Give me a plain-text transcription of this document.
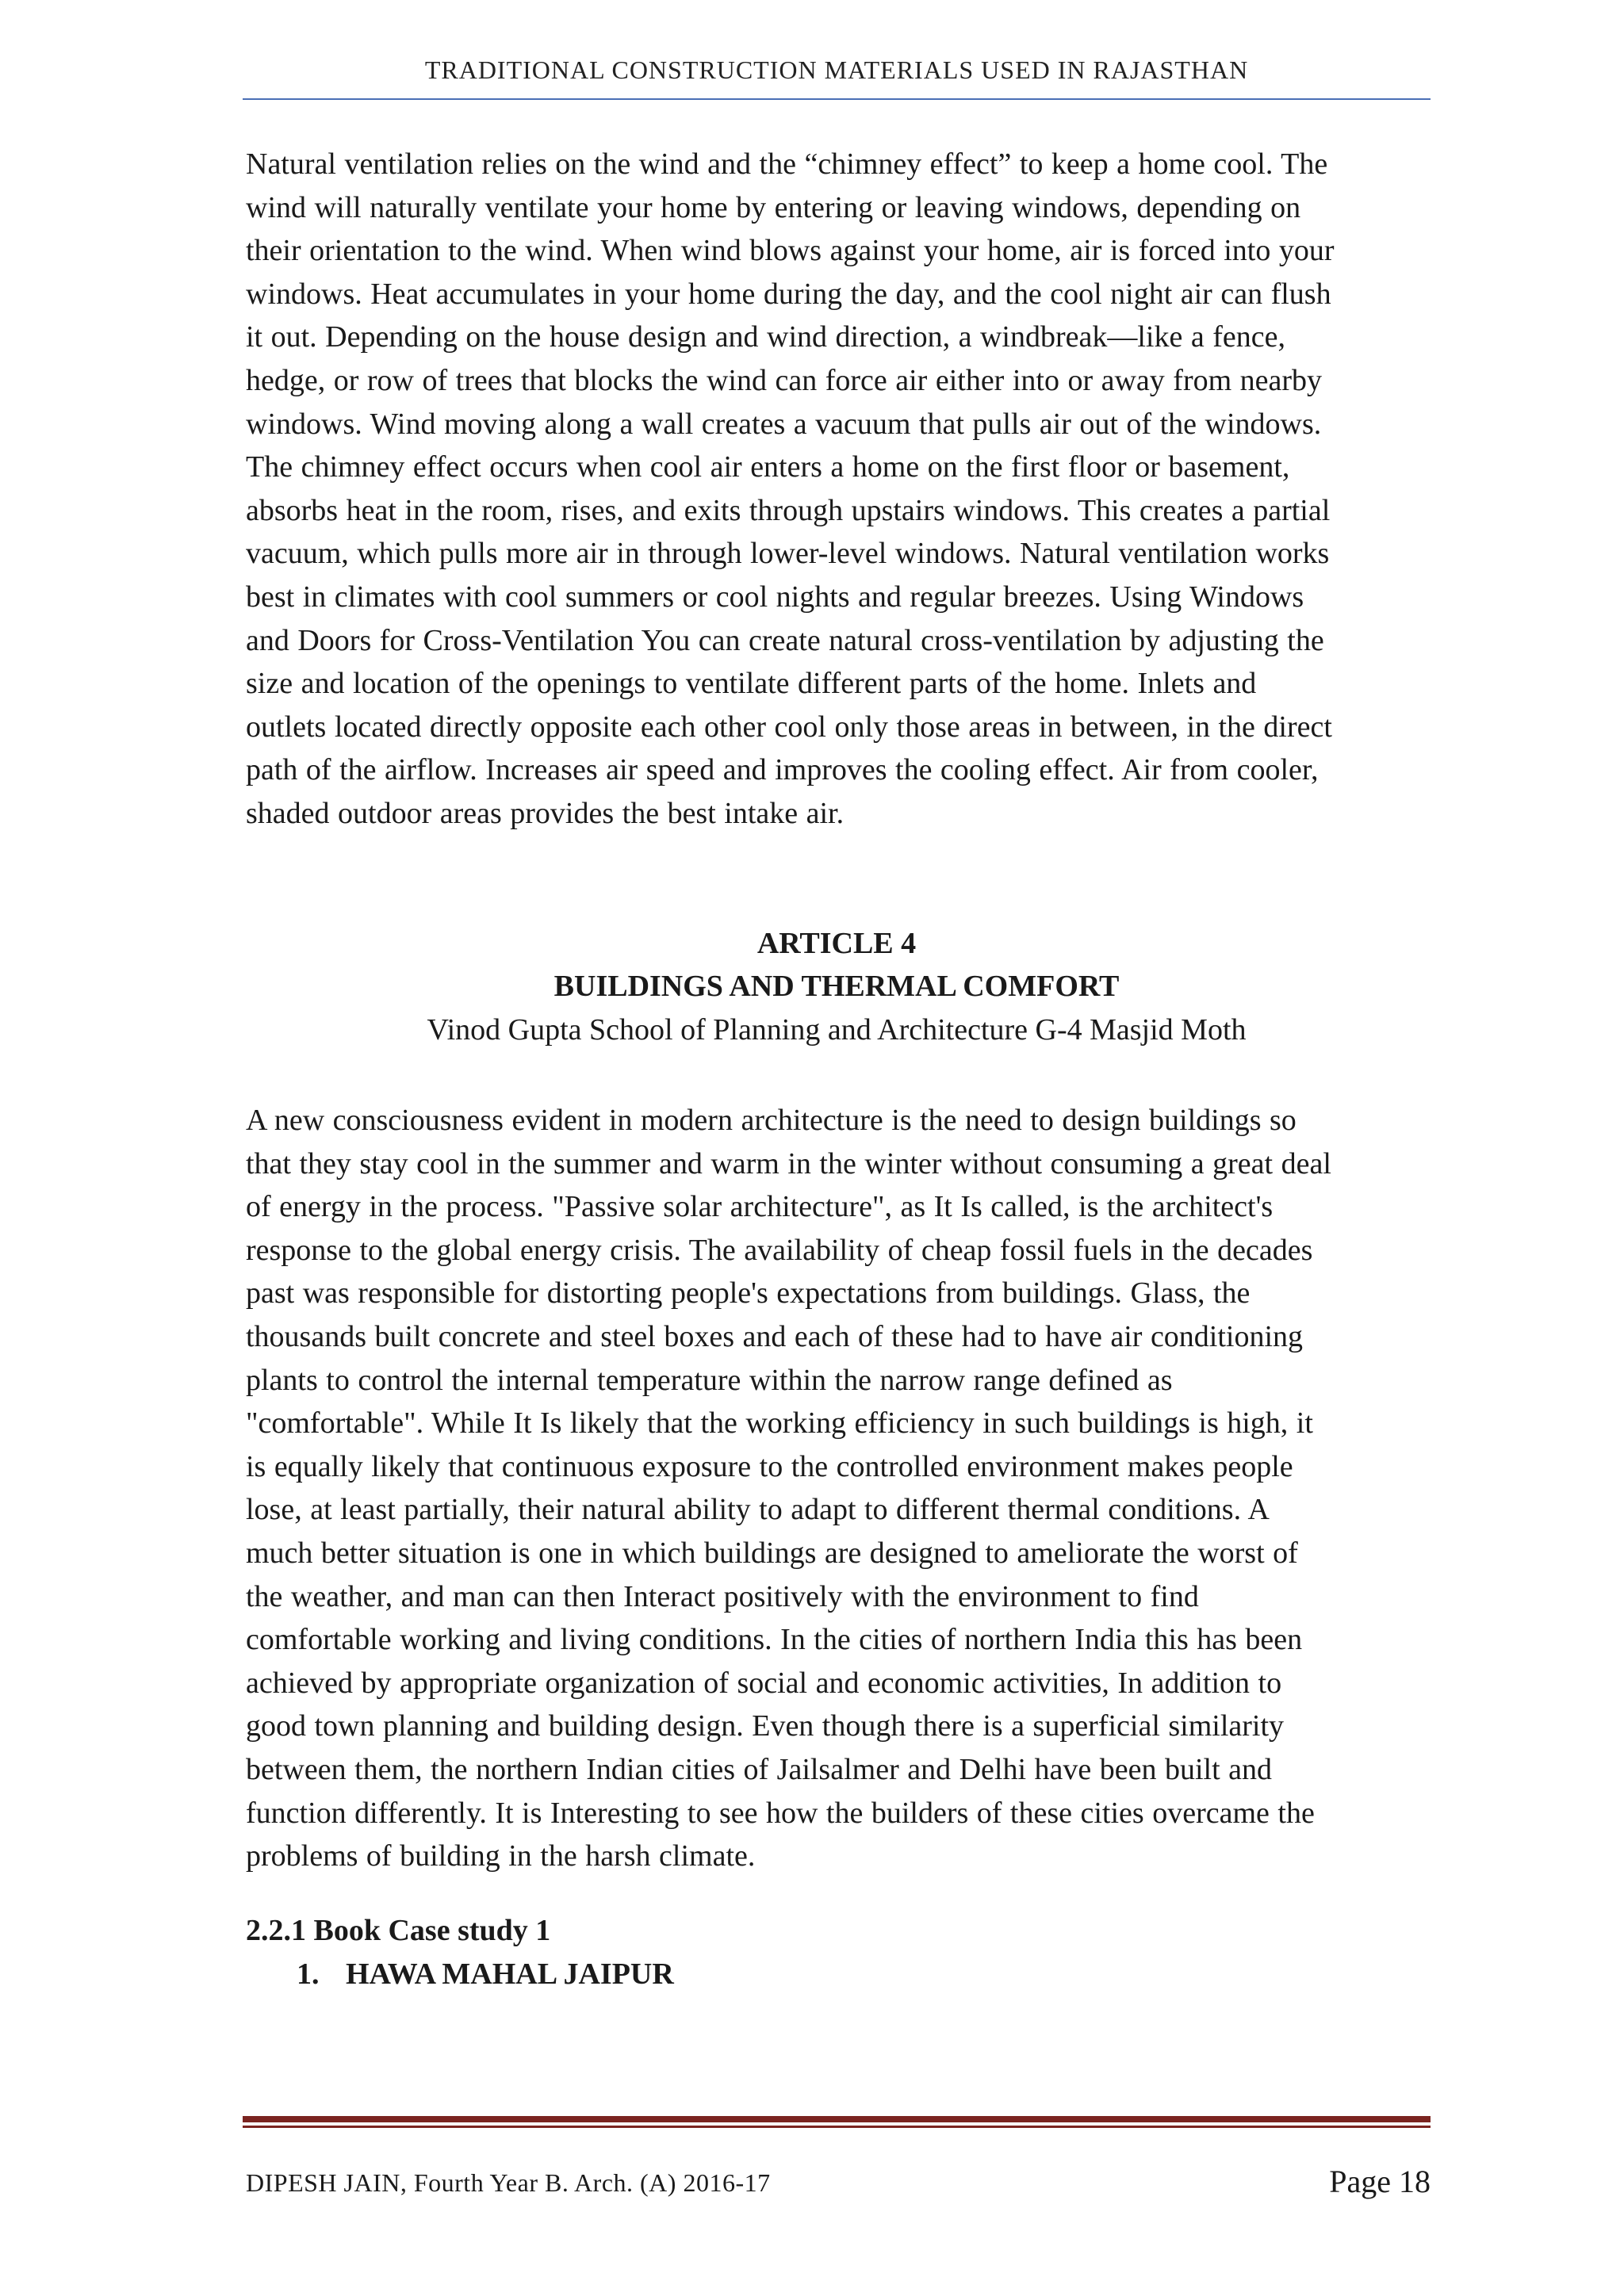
TRADITIONAL CONSTRUCTION MATERIALS USED IN RAJASTHAN

Natural ventilation relies on the wind and the “chimney effect” to keep a home cool. The
wind will naturally ventilate your home by entering or leaving windows, depending on
their orientation to the wind. When wind blows against your home, air is forced into your
windows. Heat accumulates in your home during the day, and the cool night air can flush
it out. Depending on the house design and wind direction, a windbreak—like a fence,
hedge, or row of trees that blocks the wind can force air either into or away from nearby
windows. Wind moving along a wall creates a vacuum that pulls air out of the windows.
The chimney effect occurs when cool air enters a home on the first floor or basement,
absorbs heat in the room, rises, and exits through upstairs windows. This creates a partial
vacuum, which pulls more air in through lower-level windows. Natural ventilation works
best in climates with cool summers or cool nights and regular breezes. Using Windows
and Doors for Cross-Ventilation You can create natural cross-ventilation by adjusting the
size and location of the openings to ventilate different parts of the home. Inlets and
outlets located directly opposite each other cool only those areas in between, in the direct
path of the airflow. Increases air speed and improves the cooling effect. Air from cooler,
shaded outdoor areas provides the best intake air.

ARTICLE 4
BUILDINGS AND THERMAL COMFORT
Vinod Gupta School of Planning and Architecture G-4 Masjid Moth

A new consciousness evident in modern architecture is the need to design buildings so
that they stay cool in the summer and warm in the winter without consuming a great deal
of energy in the process. "Passive solar architecture", as It Is called, is the architect's
response to the global energy crisis. The availability of cheap fossil fuels in the decades
past was responsible for distorting people's expectations from buildings. Glass, the
thousands built concrete and steel boxes and each of these had to have air conditioning
plants to control the internal temperature within the narrow range defined as
"comfortable". While It Is likely that the working efficiency in such buildings is high, it
is equally likely that continuous exposure to the controlled environment makes people
lose, at least partially, their natural ability to adapt to different thermal conditions. A
much better situation is one in which buildings are designed to ameliorate the worst of
the weather, and man can then Interact positively with the environment to find
comfortable working and living conditions. In the cities of northern India this has been
achieved by appropriate organization of social and economic activities, In addition to
good town planning and building design. Even though there is a superficial similarity
between them, the northern Indian cities of Jailsalmer and Delhi have been built and
function differently. It is Interesting to see how the builders of these cities overcame the
problems of building in the harsh climate.

2.2.1 Book Case study 1
1. HAWA MAHAL JAIPUR
DIPESH JAIN, Fourth Year B. Arch. (A) 2016-17	Page 18
